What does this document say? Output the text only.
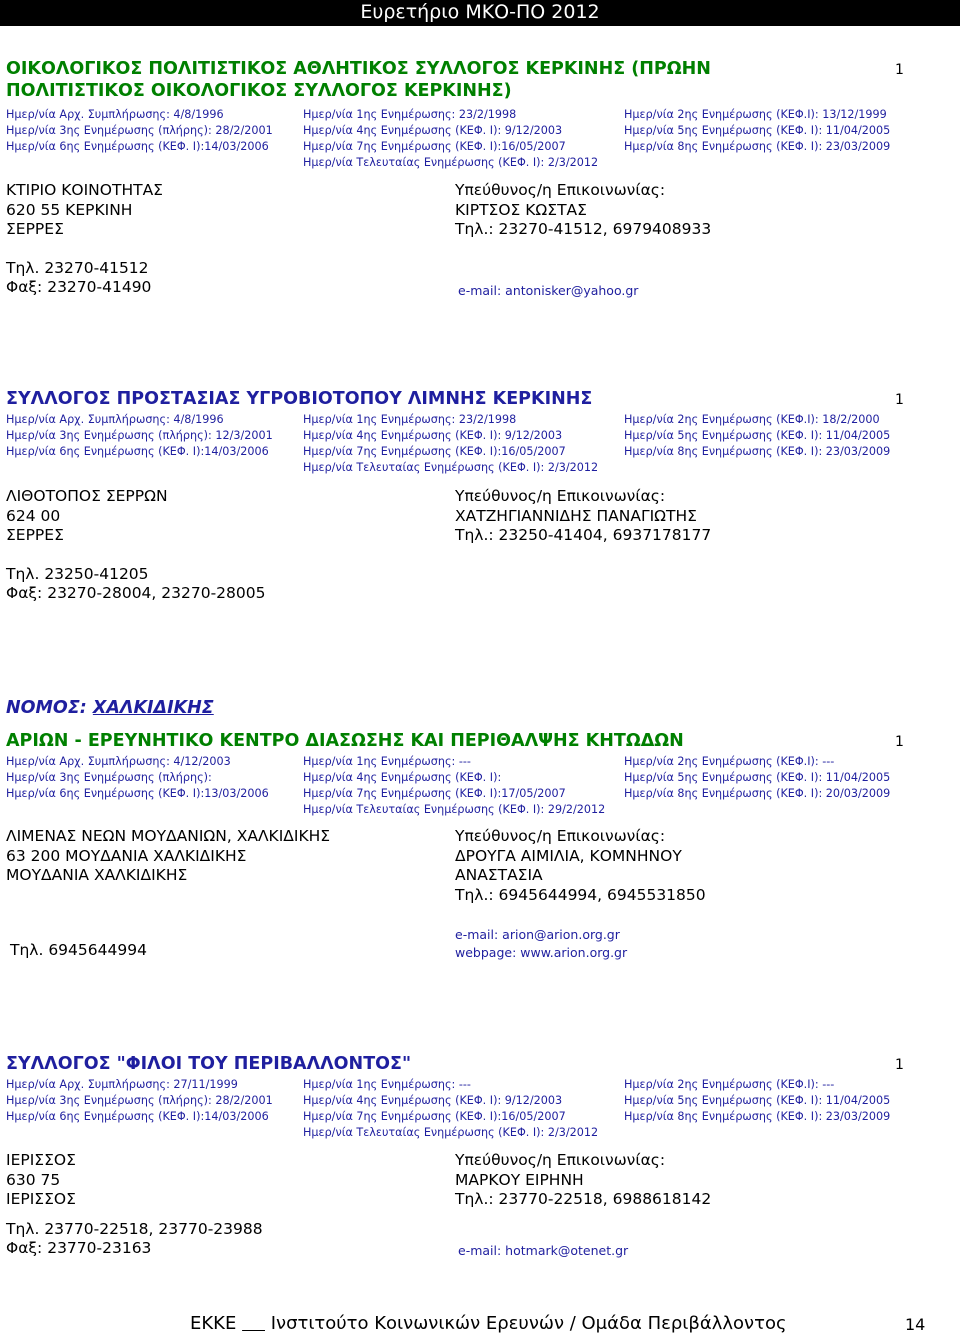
Ευρετήριο ΜΚΟ-ΠΟ 2012
ΟΙΚΟΛΟΓΙΚΟΣ ΠΟΛΙΤΙΣΤΙΚΟΣ ΑΘΛΗΤΙΚΟΣ ΣΥΛΛΟΓΟΣ ΚΕΡΚΙΝΗΣ (ΠΡΩΗΝ
ΠΟΛΙΤΙΣΤΙΚΟΣ ΟΙΚΟΛΟΓΙΚΟΣ ΣΥΛΛΟΓΟΣ ΚΕΡΚΙΝΗΣ)
1
Ημερ/νία Αρχ. Συμπλήρωσης: 4/8/1996	Ημερ/νία 1ης Ενημέρωσης: 23/2/1998	Ημερ/νία 2ης Ενημέρωσης (ΚΕΦ.Ι): 13/12/1999
Ημερ/νία 3ης Ενημέρωσης (πλήρης): 28/2/2001	Ημερ/νία 4ης Ενημέρωσης (ΚΕΦ. Ι): 9/12/2003	Ημερ/νία 5ης Ενημέρωσης (ΚΕΦ. Ι): 11/04/2005
Ημερ/νία 6ης Ενημέρωσης (ΚΕΦ. Ι):14/03/2006	Ημερ/νία 7ης Ενημέρωσης (ΚΕΦ. Ι):16/05/2007	Ημερ/νία 8ης Ενημέρωσης (ΚΕΦ. Ι): 23/03/2009
Ημερ/νία Τελευταίας Ενημέρωσης (ΚΕΦ. Ι): 2/3/2012
ΚΤΙΡΙΟ ΚΟΙΝΟΤΗΤΑΣ
620 55 ΚΕΡΚΙΝΗ
ΣΕΡΡΕΣ
Τηλ. 23270-41512
Φαξ: 23270-41490
Υπεύθυνος/η Επικοινωνίας:
ΚΙΡΤΣΟΣ ΚΩΣΤΑΣ
Τηλ.: 23270-41512, 6979408933
e-mail: antonisker@yahoo.gr
ΣΥΛΛΟΓΟΣ ΠΡΟΣΤΑΣΙΑΣ ΥΓΡΟΒΙΟΤΟΠΟΥ ΛΙΜΝΗΣ ΚΕΡΚΙΝΗΣ	1
Ημερ/νία Αρχ. Συμπλήρωσης: 4/8/1996	Ημερ/νία 1ης Ενημέρωσης: 23/2/1998	Ημερ/νία 2ης Ενημέρωσης (ΚΕΦ.Ι): 18/2/2000
Ημερ/νία 3ης Ενημέρωσης (πλήρης): 12/3/2001	Ημερ/νία 4ης Ενημέρωσης (ΚΕΦ. Ι): 9/12/2003	Ημερ/νία 5ης Ενημέρωσης (ΚΕΦ. Ι): 11/04/2005
Ημερ/νία 6ης Ενημέρωσης (ΚΕΦ. Ι):14/03/2006	Ημερ/νία 7ης Ενημέρωσης (ΚΕΦ. Ι):16/05/2007	Ημερ/νία 8ης Ενημέρωσης (ΚΕΦ. Ι): 23/03/2009
Ημερ/νία Τελευταίας Ενημέρωσης (ΚΕΦ. Ι): 2/3/2012
ΛΙΘΟΤΟΠΟΣ ΣΕΡΡΩΝ
624 00
ΣΕΡΡΕΣ
Τηλ. 23250-41205
Φαξ: 23270-28004, 23270-28005
Υπεύθυνος/η Επικοινωνίας:
ΧΑΤΖΗΓΙΑΝΝΙΔΗΣ ΠΑΝΑΓΙΩΤΗΣ
Τηλ.: 23250-41404, 6937178177
ΝΟΜΟΣ: ΧΑΛΚΙΔΙΚΗΣ
ΑΡΙΩΝ - ΕΡΕΥΝΗΤΙΚΟ ΚΕΝΤΡΟ ΔΙΑΣΩΣΗΣ ΚΑΙ ΠΕΡΙΘΑΛΨΗΣ ΚΗΤΩΔΩΝ	1
Ημερ/νία Αρχ. Συμπλήρωσης: 4/12/2003	Ημερ/νία 1ης Ενημέρωσης: ---	Ημερ/νία 2ης Ενημέρωσης (ΚΕΦ.Ι): ---
Ημερ/νία 3ης Ενημέρωσης (πλήρης):	Ημερ/νία 4ης Ενημέρωσης (ΚΕΦ. Ι):	Ημερ/νία 5ης Ενημέρωσης (ΚΕΦ. Ι): 11/04/2005
Ημερ/νία 6ης Ενημέρωσης (ΚΕΦ. Ι):13/03/2006	Ημερ/νία 7ης Ενημέρωσης (ΚΕΦ. Ι):17/05/2007	Ημερ/νία 8ης Ενημέρωσης (ΚΕΦ. Ι): 20/03/2009
Ημερ/νία Τελευταίας Ενημέρωσης (ΚΕΦ. Ι): 29/2/2012
ΛΙΜΕΝΑΣ ΝΕΩΝ ΜΟΥΔΑΝΙΩΝ, ΧΑΛΚΙΔΙΚΗΣ
63 200 ΜΟΥΔΑΝΙΑ ΧΑΛΚΙΔΙΚΗΣ
ΜΟΥΔΑΝΙΑ ΧΑΛΚΙΔΙΚΗΣ
Τηλ. 6945644994
Υπεύθυνος/η Επικοινωνίας:
ΔΡΟΥΓΑ ΑΙΜΙΛΙΑ, ΚΟΜΝΗΝΟΥ
ΑΝΑΣΤΑΣΙΑ
Τηλ.: 6945644994, 6945531850
e-mail: arion@arion.org.gr
webpage: www.arion.org.gr
ΣΥΛΛΟΓΟΣ "ΦΙΛΟΙ ΤΟΥ ΠΕΡΙΒΑΛΛΟΝΤΟΣ"	1
Ημερ/νία Αρχ. Συμπλήρωσης: 27/11/1999	Ημερ/νία 1ης Ενημέρωσης: ---	Ημερ/νία 2ης Ενημέρωσης (ΚΕΦ.Ι): ---
Ημερ/νία 3ης Ενημέρωσης (πλήρης): 28/2/2001	Ημερ/νία 4ης Ενημέρωσης (ΚΕΦ. Ι): 9/12/2003	Ημερ/νία 5ης Ενημέρωσης (ΚΕΦ. Ι): 11/04/2005
Ημερ/νία 6ης Ενημέρωσης (ΚΕΦ. Ι):14/03/2006	Ημερ/νία 7ης Ενημέρωσης (ΚΕΦ. Ι):16/05/2007	Ημερ/νία 8ης Ενημέρωσης (ΚΕΦ. Ι): 23/03/2009
Ημερ/νία Τελευταίας Ενημέρωσης (ΚΕΦ. Ι): 2/3/2012
ΙΕΡΙΣΣΟΣ
630 75
ΙΕΡΙΣΣΟΣ
Τηλ. 23770-22518, 23770-23988
Φαξ: 23770-23163
Υπεύθυνος/η Επικοινωνίας:
ΜΑΡΚΟΥ ΕΙΡΗΝΗ
Τηλ.: 23770-22518, 6988618142
e-mail: hotmark@otenet.gr
ΕΚΚΕ      Ινστιτούτο Κοινωνικών Ερευνών / Ομάδα Περιβάλλοντος	14
